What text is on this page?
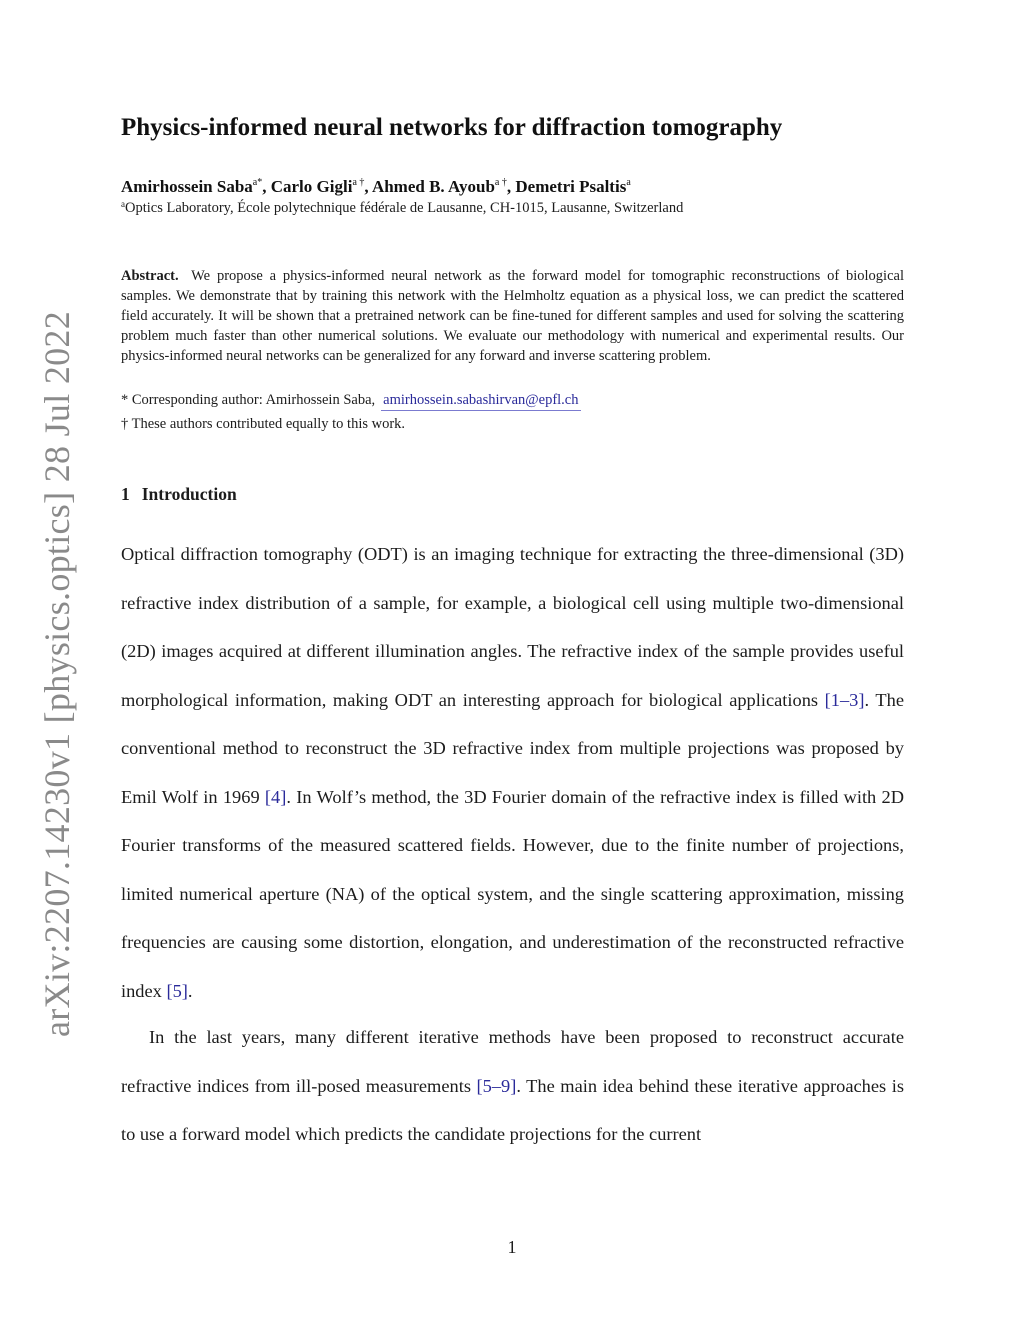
arXiv:2207.14230v1 [physics.optics] 28 Jul 2022
Physics-informed neural networks for diffraction tomography
Amirhossein Saba$^{a*}$, Carlo Gigli$^{a \dagger}$, Ahmed B. Ayoub$^{a \dagger}$, Demetri Psaltis$^a$
$^a$Optics Laboratory, École polytechnique fédérale de Lausanne, CH-1015, Lausanne, Switzerland
Abstract. We propose a physics-informed neural network as the forward model for tomographic reconstructions of biological samples. We demonstrate that by training this network with the Helmholtz equation as a physical loss, we can predict the scattered field accurately. It will be shown that a pretrained network can be fine-tuned for different samples and used for solving the scattering problem much faster than other numerical solutions. We evaluate our methodology with numerical and experimental results. Our physics-informed neural networks can be generalized for any forward and inverse scattering problem.
* Corresponding author: Amirhossein Saba, amirhossein.sabashirvan@epfl.ch
† These authors contributed equally to this work.
1 Introduction

Optical diffraction tomography (ODT) is an imaging technique for extracting the three-dimensional (3D) refractive index distribution of a sample, for example, a biological cell using multiple two-dimensional (2D) images acquired at different illumination angles. The refractive index of the sample provides useful morphological information, making ODT an interesting approach for biological applications [1–3]. The conventional method to reconstruct the 3D refractive index from multiple projections was proposed by Emil Wolf in 1969 [4]. In Wolf’s method, the 3D Fourier domain of the refractive index is filled with 2D Fourier transforms of the measured scattered fields. However, due to the finite number of projections, limited numerical aperture (NA) of the optical system, and the single scattering approximation, missing frequencies are causing some distortion, elongation, and underestimation of the reconstructed refractive index [5].

In the last years, many different iterative methods have been proposed to reconstruct accurate refractive indices from ill-posed measurements [5–9]. The main idea behind these iterative approaches is to use a forward model which predicts the candidate projections for the current

1
